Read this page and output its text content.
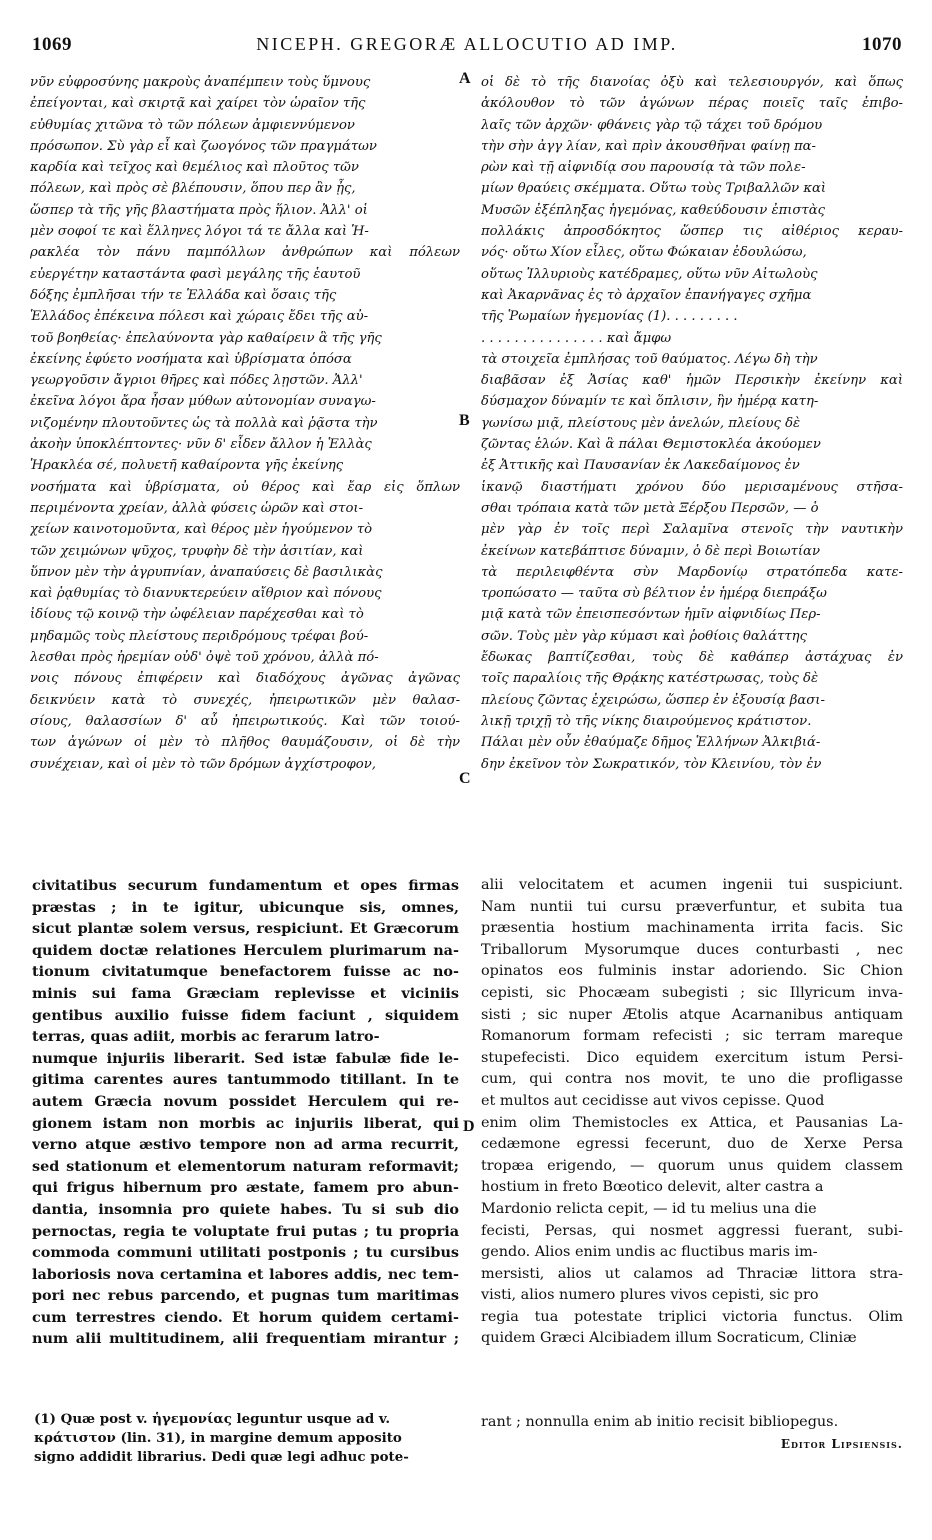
1069	NICEPH. GREGORÆ ALLOCUTIO AD IMP.	1070
νῦν εὐφροσύνης μακροὺς ἀναπέμπειν τοὺς ὕμνους
ἐπείγονται, καὶ σκιρτᾷ καὶ χαίρει τὸν ὡραῖον τῆς
εὐθυμίας χιτῶνα τὸ τῶν πόλεων ἀμφιεννύμενον
πρόσωπον. Σὺ γὰρ εἶ καὶ ζωογόνος τῶν πραγμάτων
καρδία καὶ τεῖχος καὶ θεμέλιος καὶ πλοῦτος τῶν
πόλεων, καὶ πρὸς σὲ βλέπουσιν, ὅπου περ ἂν ᾖς,
ὥσπερ τὰ τῆς γῆς βλαστήματα πρὸς ἥλιον. Ἀλλ' οἱ
μὲν σοφοί τε καὶ ἕλληνες λόγοι τά τε ἄλλα καὶ Ἡ-
ρακλέα τὸν πάνυ παμπόλλων ἀνθρώπων καὶ πόλεων
εὐεργέτην καταστάντα φασὶ μεγάλης τῆς ἑαυτοῦ
δόξης ἐμπλῆσαι τήν τε Ἑλλάδα καὶ ὅσαις τῆς
Ἑλλάδος ἐπέκεινα πόλεσι καὶ χώραις ἔδει τῆς αὐ-
τοῦ βοηθείας· ἐπελαύνοντα γὰρ καθαίρειν ἃ τῆς γῆς
ἐκείνης ἐφύετο νοσήματα καὶ ὑβρίσματα ὁπόσα
γεωργοῦσιν ἄγριοι θῆρες καὶ πόδες λῃστῶν. Ἀλλ'
ἐκεῖνα λόγοι ἄρα ἦσαν μύθων αὐτονομίαν συναγω-
νιζομένην πλουτοῦντες ὡς τὰ πολλὰ καὶ ῥᾷστα τὴν
ἀκοὴν ὑποκλέπτοντες· νῦν δ' εἶδεν ἄλλον ἡ Ἑλλὰς
Ἡρακλέα σέ, πολυετῆ καθαίροντα γῆς ἐκείνης
νοσήματα καὶ ὑβρίσματα, οὐ θέρος καὶ ἔαρ εἰς ὅπλων
περιμένοντα χρείαν, ἀλλὰ φύσεις ὡρῶν καὶ στοι-
χείων καινοτομοῦντα, καὶ θέρος μὲν ἡγούμενον τὸ
τῶν χειμώνων ψῦχος, τρυφὴν δὲ τὴν ἀσιτίαν, καὶ
ὕπνον μὲν τὴν ἀγρυπνίαν, ἀναπαύσεις δὲ βασιλικὰς
καὶ ῥᾳθυμίας τὸ διανυκτερεύειν αἴθριον καὶ πόνους
ἰδίους τῷ κοινῷ τὴν ὠφέλειαν παρέχεσθαι καὶ τὸ
μηδαμῶς τοὺς πλείστους περιδρόμους τρέφαι βού-
λεσθαι πρὸς ἠρεμίαν οὐδ' ὀψὲ τοῦ χρόνου, ἀλλὰ πό-
νοις πόνους ἐπιφέρειν καὶ διαδόχους ἀγῶνας ἀγῶνας
δεικνύειν κατὰ τὸ συνεχές, ἠπειρωτικῶν μὲν θαλασ-
σίους, θαλασσίων δ' αὖ ἠπειρωτικούς. Καὶ τῶν τοιού-
των ἀγώνων οἱ μὲν τὸ πλῆθος θαυμάζουσιν, οἱ δὲ τὴν
συνέχειαν, καὶ οἱ μὲν τὸ τῶν δρόμων ἀγχίστροφον,
οἱ δὲ τὸ τῆς διανοίας ὀξὺ καὶ τελεσιουργόν, καὶ ὅπως
ἀκόλουθον τὸ τῶν ἀγώνων πέρας ποιεῖς ταῖς ἐπιβο-
λαῖς τῶν ἀρχῶν· φθάνεις γὰρ τῷ τάχει τοῦ δρόμου
τὴν σὴν ἀγγ λίαν, καὶ πρὶν ἀκουσθῆναι φαίνῃ πα-
ρὼν καὶ τῇ αἰφνιδίᾳ σου παρουσίᾳ τὰ τῶν πολε-
μίων θραύεις σκέμματα. Οὕτω τοὺς Τριβαλλῶν καὶ
Μυσῶν ἐξέπληξας ἡγεμόνας, καθεύδουσιν ἐπιστὰς
πολλάκις ἀπροσδόκητος ὥσπερ τις αἰθέριος κεραυ-
νός· οὕτω Χίον εἷλες, οὕτω Φώκαιαν ἐδουλώσω,
οὕτως Ἰλλυριοὺς κατέδραμες, οὕτω νῦν Αἰτωλοὺς
καὶ Ἀκαρνᾶνας ἐς τὸ ἀρχαῖον ἐπανήγαγες σχῆμα
τῆς Ῥωμαίων ἡγεμονίας (1). . . . . . . . .
. . . . . . . . . . . . . . . καὶ ἄμφω
τὰ στοιχεῖα ἐμπλήσας τοῦ θαύματος. Λέγω δὴ τὴν
διαβᾶσαν ἐξ Ἀσίας καθ' ἡμῶν Περσικὴν ἐκείνην καὶ
δύσμαχον δύναμίν τε καὶ ὅπλισιν, ἣν ἡμέρᾳ κατη-
γωνίσω μιᾷ, πλείστους μὲν ἀνελών, πλείους δὲ
ζῶντας ἑλών. Καὶ ἃ πάλαι Θεμιστοκλέα ἀκούομεν
ἐξ Ἀττικῆς καὶ Παυσανίαν ἐκ Λακεδαίμονος ἐν
ἱκανῷ διαστήματι χρόνου δύο μερισαμένους στῆσα-
σθαι τρόπαια κατὰ τῶν μετὰ Ξέρξου Περσῶν, — ὁ
μὲν γὰρ ἐν τοῖς περὶ Σαλαμῖνα στενοῖς τὴν ναυτικὴν
ἐκείνων κατεβάπτισε δύναμιν, ὁ δὲ περὶ Βοιωτίαν
τὰ περιλειφθέντα σὺν Μαρδονίῳ στρατόπεδα κατε-
τροπώσατο — ταῦτα σὺ βέλτιον ἐν ἡμέρᾳ διεπράξω
μιᾷ κατὰ τῶν ἐπεισπεσόντων ἡμῖν αἰφνιδίως Περ-
σῶν. Τοὺς μὲν γὰρ κύμασι καὶ ῥοθίοις θαλάττης
ἔδωκας βαπτίζεσθαι, τοὺς δὲ καθάπερ ἀστάχυας ἐν
τοῖς παραλίοις τῆς Θρᾴκης κατέστρωσας, τοὺς δὲ
πλείους ζῶντας ἐχειρώσω, ὥσπερ ἐν ἐξουσίᾳ βασι-
λικῇ τριχῇ τὸ τῆς νίκης διαιρούμενος κράτιστον.
Πάλαι μὲν οὖν ἐθαύμαζε δῆμος Ἑλλήνων Ἀλκιβιά-
δην ἐκεῖνον τὸν Σωκρατικόν, τὸν Κλεινίου, τὸν ἐν
A
B
C
D
civitatibus securum fundamentum et opes firmas
præstas ; in te igitur, ubicunque sis, omnes,
sicut plantæ solem versus, respiciunt. Et Græcorum
quidem doctæ relationes Herculem plurimarum na-
tionum civitatumque benefactorem fuisse ac no-
minis sui fama Græciam replevisse et viciniis
gentibus auxilio fuisse fidem faciunt , siquidem
terras, quas adiit, morbis ac ferarum latro-
numque injuriis liberarit. Sed istæ fabulæ fide le-
gitima carentes aures tantummodo titillant. In te
autem Græcia novum possidet Herculem qui re-
gionem istam non morbis ac injuriis liberat, qui
verno atque æstivo tempore non ad arma recurrit,
sed stationum et elementorum naturam reformavit;
qui frigus hibernum pro æstate, famem pro abun-
dantia, insomnia pro quiete habes. Tu si sub dio
pernoctas, regia te voluptate frui putas ; tu propria
commoda communi utilitati postponis ; tu cursibus
laboriosis nova certamina et labores addis, nec tem-
pori nec rebus parcendo, et pugnas tum maritimas
cum terrestres ciendo. Et horum quidem certami-
num alii multitudinem, alii frequentiam mirantur ;
alii velocitatem et acumen ingenii tui suspiciunt.
Nam nuntii tui cursu præverfuntur, et subita tua
præsentia hostium machinamenta irrita facis. Sic
Triballorum Mysorumque duces conturbasti , nec
opinatos eos fulminis instar adoriendo. Sic Chion
cepisti, sic Phocæam subegisti ; sic Illyricum inva-
sisti ; sic nuper Ætolis atque Acarnanibus antiquam
Romanorum formam refecisti ; sic terram mareque
stupefecisti. Dico equidem exercitum istum Persi-
cum, qui contra nos movit, te uno die profligasse
et multos aut cecidisse aut vivos cepisse. Quod
enim olim Themistocles ex Attica, et Pausanias La-
cedæmone egressi fecerunt, duo de Xerxe Persa
tropæa erigendo, — quorum unus quidem classem
hostium in freto Bœotico delevit, alter castra a
Mardonio relicta cepit, — id tu melius una die
fecisti, Persas, qui nosmet aggressi fuerant, subi-
gendo. Alios enim undis ac fluctibus maris im-
mersisti, alios ut calamos ad Thraciæ littora stra-
visti, alios numero plures vivos cepisti, sic pro
regia tua potestate triplici victoria functus. Olim
quidem Græci Alcibiadem illum Socraticum, Cliniæ
(1) Quæ post v. ἡγεμονίας leguntur usque ad v.
κράτιστον (lin. 31), in margine demum apposito
signo addidit librarius. Dedi quæ legi adhuc pote-
rant ; nonnulla enim ab initio recisit bibliopegus.
Editor Lipsiensis.
